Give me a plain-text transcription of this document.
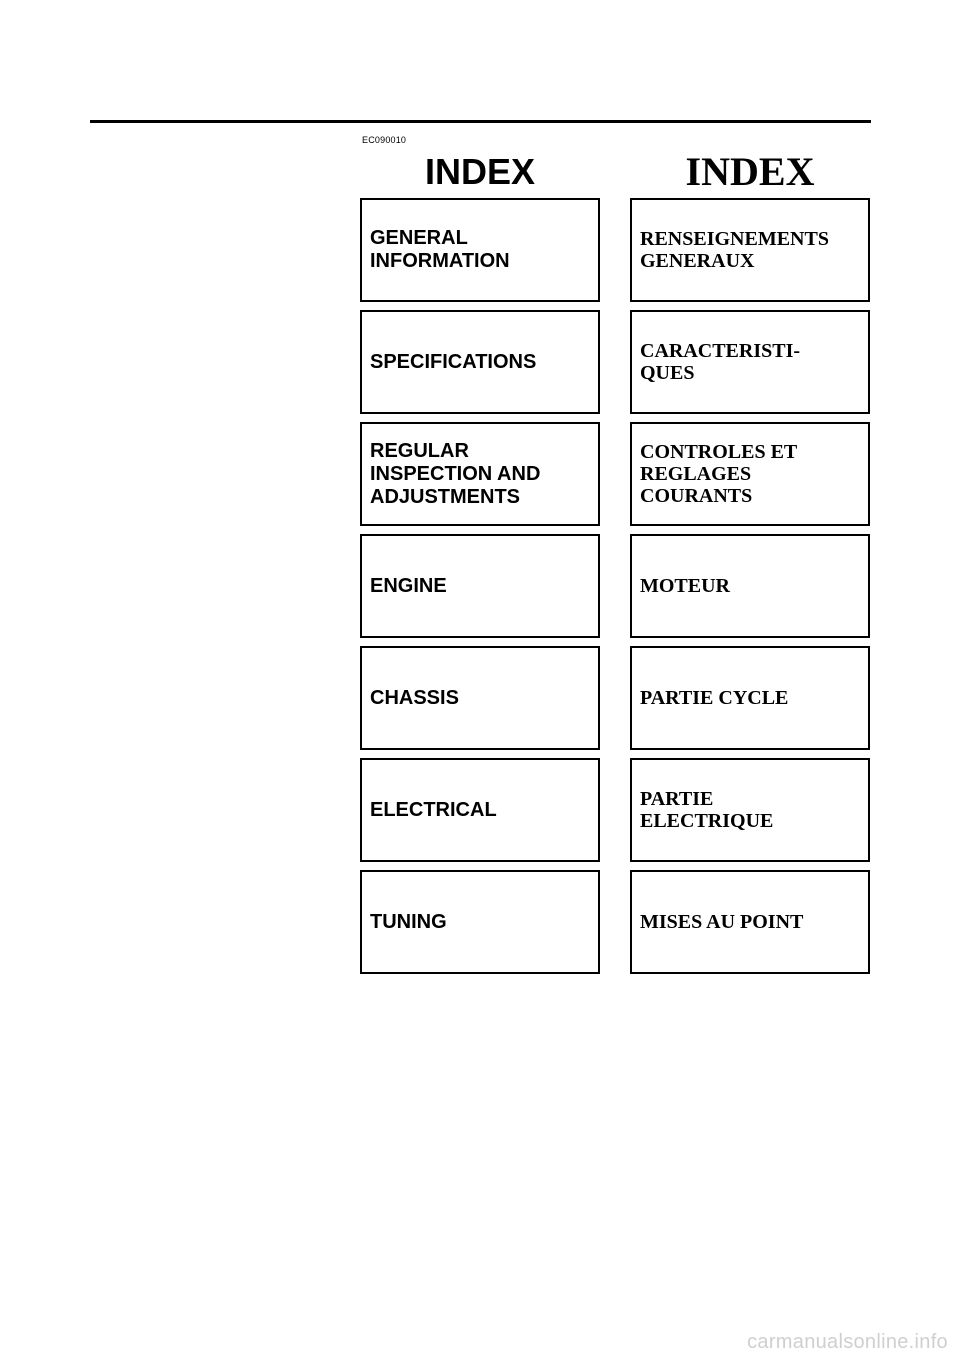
EC090010
INDEX	INDEX
GENERAL
INFORMATION
SPECIFICATIONS
REGULAR
INSPECTION AND
ADJUSTMENTS
ENGINE
CHASSIS
ELECTRICAL
TUNING
RENSEIGNEMENTS
GENERAUX
CARACTERISTI-
QUES
CONTROLES ET
REGLAGES
COURANTS
MOTEUR
PARTIE CYCLE
PARTIE
ELECTRIQUE
MISES AU POINT
carmanualsonline.info
